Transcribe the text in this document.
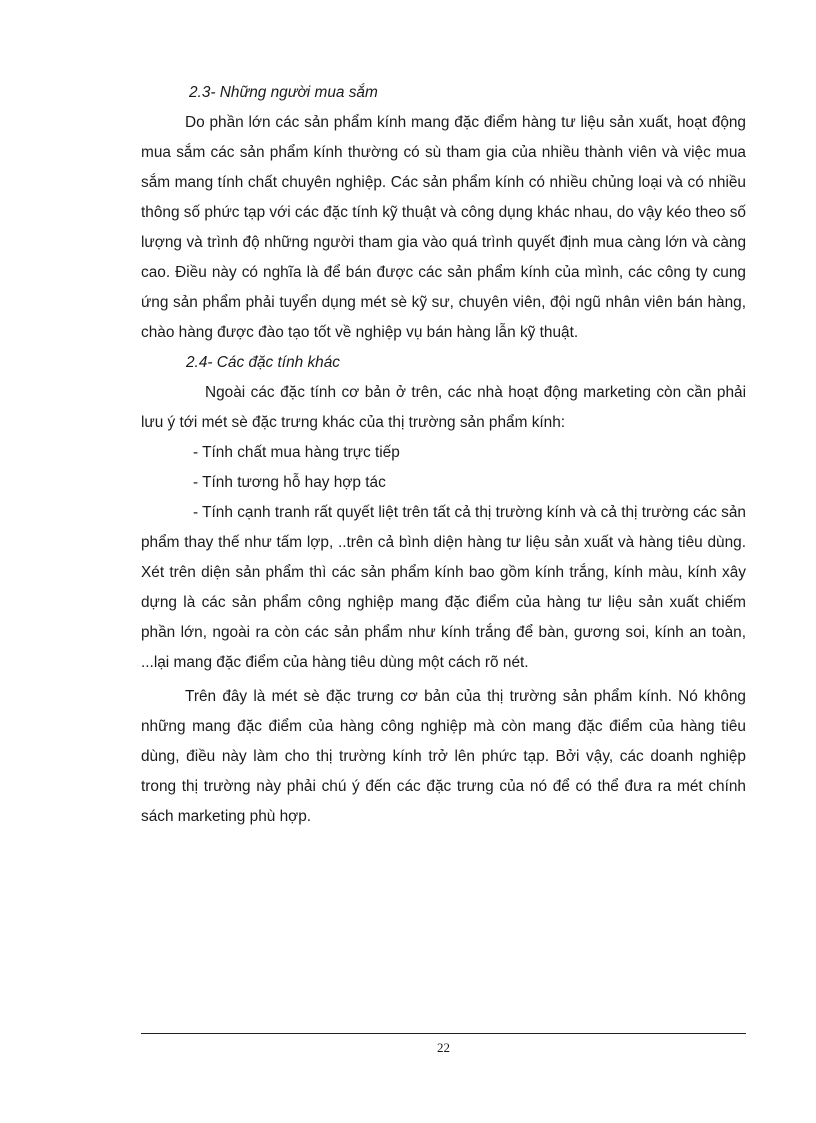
2.3- Những người mua sắm

Do phần lớn các sản phẩm kính mang đặc điểm hàng tư liệu sản xuất, hoạt động mua sắm các sản phẩm kính thường có sù tham gia của nhiều thành viên và việc mua sắm mang tính chất chuyên nghiệp. Các sản phẩm kính có nhiều chủng loại và có nhiều thông số phức tạp với các đặc tính kỹ thuật và công dụng khác nhau, do vậy kéo theo số lượng và trình độ những người tham gia vào quá trình quyết định mua càng lớn và càng cao. Điều này có nghĩa là để bán được các sản phẩm kính của mình, các công ty cung ứng sản phẩm phải tuyển dụng mét sè kỹ sư, chuyên viên, đội ngũ nhân viên bán hàng, chào hàng được đào tạo tốt về nghiệp vụ bán hàng lẫn kỹ thuật.

2.4- Các đặc tính khác

Ngoài các đặc tính cơ bản ở trên, các nhà hoạt động marketing còn cần phải lưu ý tới mét sè đặc trưng khác của thị trường sản phẩm kính:

- Tính chất mua hàng trực tiếp

- Tính tương hỗ hay hợp tác

- Tính cạnh tranh rất quyết liệt trên tất cả thị trường kính và cả thị trường các sản phẩm thay thế như tấm lợp, ..trên cả bình diện hàng tư liệu sản xuất và hàng tiêu dùng. Xét trên diện sản phẩm thì các sản phẩm kính bao gồm kính trắng, kính màu, kính xây dựng là các sản phẩm công nghiệp mang đặc điểm của hàng tư liệu sản xuất chiếm phần lớn, ngoài ra còn các sản phẩm như kính trắng để bàn, gương soi, kính an toàn, ...lại mang đặc điểm của hàng tiêu dùng một cách rõ nét.

Trên đây là mét sè đặc trưng cơ bản của thị trường sản phẩm kính. Nó không những mang đặc điểm của hàng công nghiệp mà còn mang đặc điểm của hàng tiêu dùng, điều này làm cho thị trường kính trở lên phức tạp. Bởi vậy, các doanh nghiệp trong thị trường này phải chú ý đến các đặc trưng của nó để có thể đưa ra mét chính sách marketing phù hợp.

22
